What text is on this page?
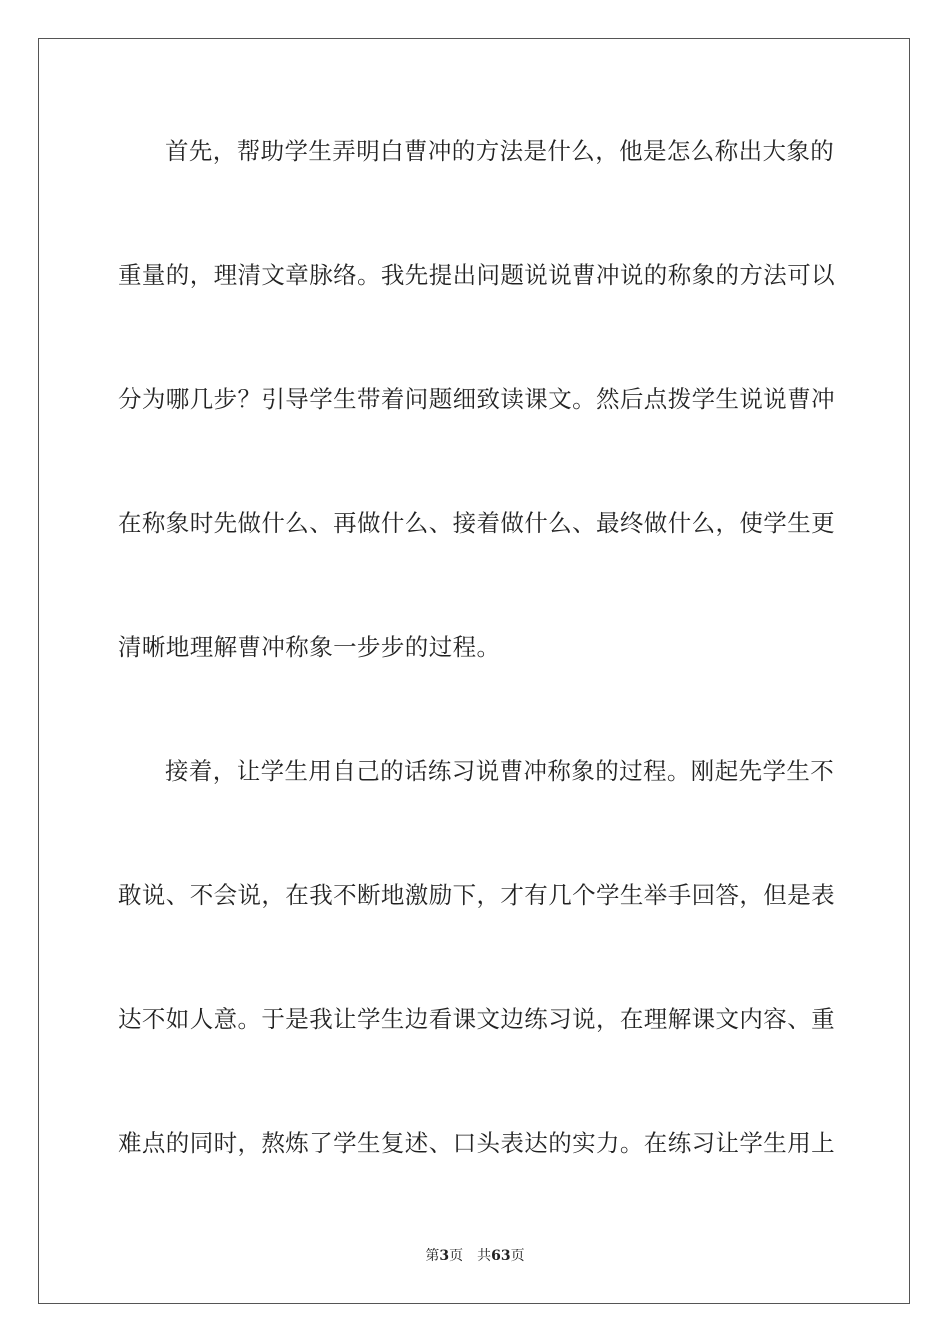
首先，帮助学生弄明白曹冲的方法是什么，他是怎么称出大象的
重量的，理清文章脉络。我先提出问题说说曹冲说的称象的方法可以
分为哪几步？引导学生带着问题细致读课文。然后点拨学生说说曹冲
在称象时先做什么、再做什么、接着做什么、最终做什么，使学生更
清晰地理解曹冲称象一步步的过程。
接着，让学生用自己的话练习说曹冲称象的过程。刚起先学生不
敢说、不会说，在我不断地激励下，才有几个学生举手回答，但是表
达不如人意。于是我让学生边看课文边练习说，在理解课文内容、重
难点的同时，熬炼了学生复述、口头表达的实力。在练习让学生用上
第3页 共63页
